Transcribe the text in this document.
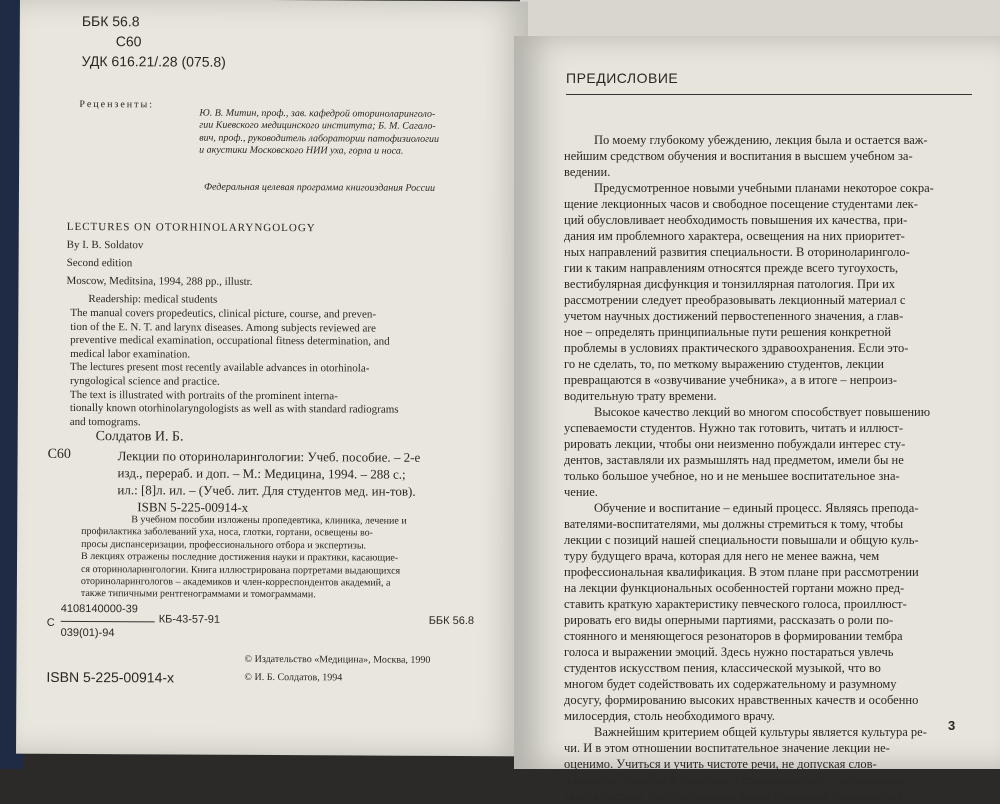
ББК 56.8
С60
УДК 616.21/.28 (075.8)
Рецензенты:

Ю. В. Митин, проф., зав. кафедрой оториноларинголо-

гии Киевского медицинского института; Б. М. Сагало-

вич, проф., руководитель лаборатории патофизиологии

и акустики Московского НИИ уха, горла и носа.

Федеральная целевая программа книгоиздания России
LECTURES ON OTORHINOLARYNGOLOGY
By I. B. Soldatov
Second edition
Moscow, Meditsina, 1994, 288 pp., illustr.
Readership: medical students

The manual covers propedeutics, clinical picture, course, and preven-

tion of the E. N. T. and larynx diseases. Among subjects reviewed are

preventive medical examination, occupational fitness determination, and

medical labor examination.

The lectures present most recently available advances in otorhinola-

ryngological science and practice.

The text is illustrated with portraits of the prominent interna-

tionally known otorhinolaryngologists as well as with standard radiograms

and tomograms.

Солдатов И. Б.
С60	Лекции по оториноларингологии: Учеб. пособие. – 2-е

изд., перераб. и доп. – М.: Медицина, 1994. – 288 с.;

ил.: [8]л. ил. – (Учеб. лит. Для студентов мед. ин-тов).

ISBN 5-225-00914-х

В учебном пособии изложены пропедевтика, клиника, лечение и

профилактика заболеваний уха, носа, глотки, гортани, освещены во-

просы диспансеризации, профессионального отбора и экспертизы.

В лекциях отражены последние достижения науки и практики, касающие-

ся оториноларингологии. Книга иллюстрирована портретами выдающихся

оториноларингологов – академиков и член-корреспондентов академий, а

также типичными рентгенограммами и томограммами.

4108140000-39
С	КБ-43-57-91
039(01)-94
ББК 56.8
ISBN 5-225-00914-х
© Издательство «Медицина», Москва, 1990
© И. Б. Солдатов, 1994
ПРЕДИСЛОВИЕ

По моему глубокому убеждению, лекция была и остается важ-

нейшим средством обучения и воспитания в высшем учебном за-

ведении.

Предусмотренное новыми учебными планами некоторое сокра-

щение лекционных часов и свободное посещение студентами лек-

ций обусловливает необходимость повышения их качества, при-

дания им проблемного характера, освещения на них приоритет-

ных направлений развития специальности. В оториноларинголо-

гии к таким направлениям относятся прежде всего тугоухость,

вестибулярная дисфункция и тонзиллярная патология. При их

рассмотрении следует преобразовывать лекционный материал с

учетом научных достижений первостепенного значения, а глав-

ное – определять принципиальные пути решения конкретной

проблемы в условиях практического здравоохранения. Если это-

го не сделать, то, по меткому выражению студентов, лекции

превращаются в «озвучивание учебника», а в итоге – непроиз-

водительную трату времени.

Высокое качество лекций во многом способствует повышению

успеваемости студентов. Нужно так готовить, читать и иллюст-

рировать лекции, чтобы они неизменно побуждали интерес сту-

дентов, заставляли их размышлять над предметом, имели бы не

только большое учебное, но и не меньшее воспитательное зна-

чение.

Обучение и воспитание – единый процесс. Являясь препода-

вателями-воспитателями, мы должны стремиться к тому, чтобы

лекции с позиций нашей специальности повышали и общую куль-

туру будущего врача, которая для него не менее важна, чем

профессиональная квалификация. В этом плане при рассмотрении

на лекции функциональных особенностей гортани можно пред-

ставить краткую характеристику певческого голоса, проиллюст-

рировать его виды оперными партиями, рассказать о роли по-

стоянного и меняющегося резонаторов в формировании тембра

голоса и выражении эмоций. Здесь нужно постараться увлечь

студентов искусством пения, классической музыкой, что во

многом будет содействовать их содержательному и разумному

досугу, формированию высоких нравственных качеств и особенно

милосердия, столь необходимого врачу.

Важнейшим критерием общей культуры является культура ре-

чи. И в этом отношении воспитательное значение лекции не-

оценимо. Учиться и учить чистоте речи, не допуская слов-

паразитов,| ошибок в ударении и произношении, – непременная

задача лектора. Ему необходимо также правильно пользоваться

3
